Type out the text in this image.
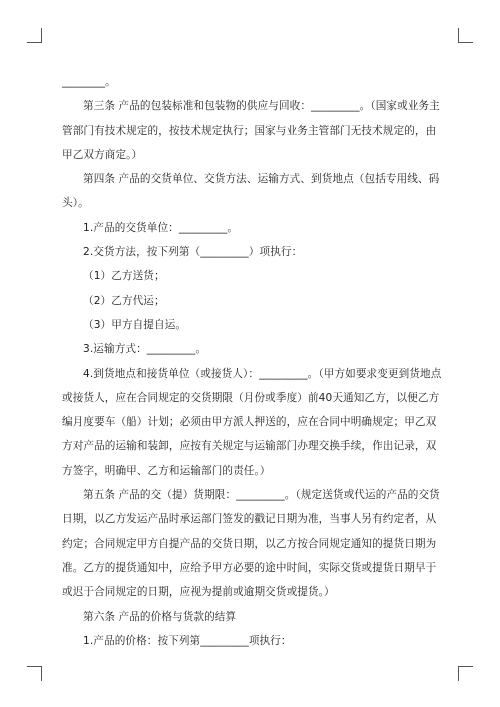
________。

第三条 产品的包装标准和包装物的供应与回收：_________。（国家或业务主管部门有技术规定的，按技术规定执行；国家与业务主管部门无技术规定的，由甲乙双方商定。）

第四条 产品的交货单位、交货方法、运输方式、到货地点（包括专用线、码头）。

1.产品的交货单位：_________。

2.交货方法，按下列第（_________）项执行：

（1）乙方送货；

（2）乙方代运；

（3）甲方自提自运。

3.运输方式：_________。

4.到货地点和接货单位（或接货人）：_________。（甲方如要求变更到货地点或接货人，应在合同规定的交货期限（月份或季度）前40天通知乙方，以便乙方编月度要车（船）计划；必须由甲方派人押送的，应在合同中明确规定；甲乙双方对产品的运输和装卸，应按有关规定与运输部门办理交换手续，作出记录，双方签字，明确甲、乙方和运输部门的责任。）

第五条 产品的交（提）货期限：_________。（规定送货或代运的产品的交货日期，以乙方发运产品时承运部门签发的戳记日期为准，当事人另有约定者，从约定；合同规定甲方自提产品的交货日期，以乙方按合同规定通知的提货日期为准。乙方的提货通知中，应给予甲方必要的途中时间，实际交货或提货日期早于或迟于合同规定的日期，应视为提前或逾期交货或提货。）

第六条 产品的价格与货款的结算

1.产品的价格：按下列第_________项执行：
